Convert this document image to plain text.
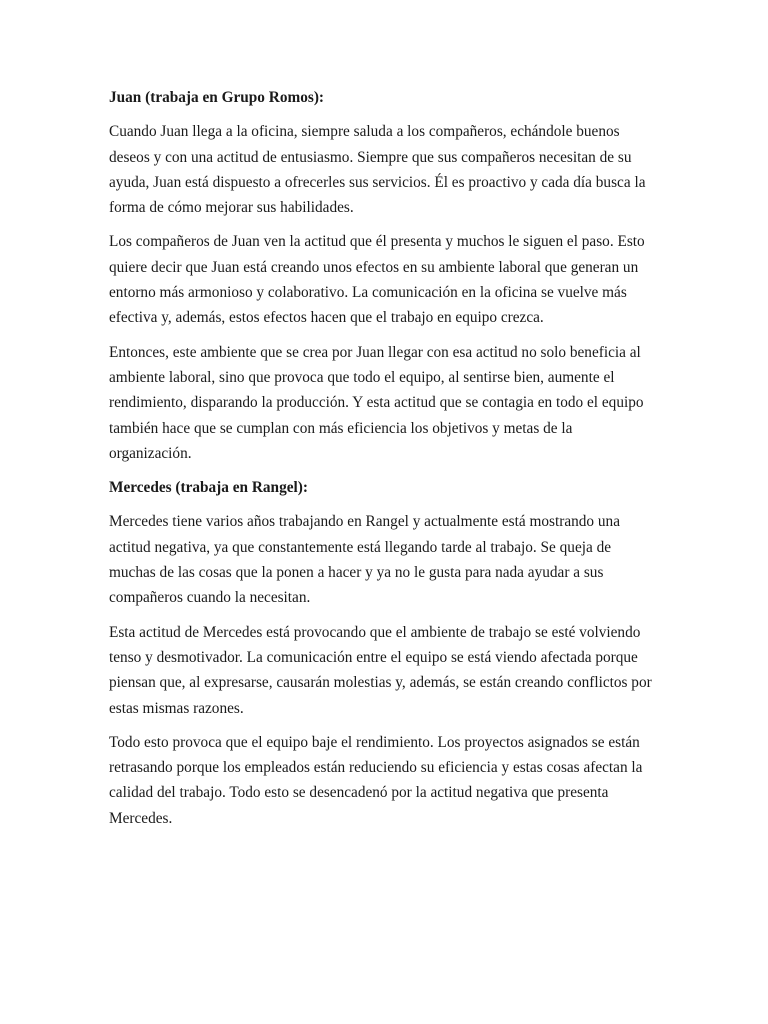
Juan (trabaja en Grupo Romos):

Cuando Juan llega a la oficina, siempre saluda a los compañeros, echándole buenos deseos y con una actitud de entusiasmo. Siempre que sus compañeros necesitan de su ayuda, Juan está dispuesto a ofrecerles sus servicios. Él es proactivo y cada día busca la forma de cómo mejorar sus habilidades.

Los compañeros de Juan ven la actitud que él presenta y muchos le siguen el paso. Esto quiere decir que Juan está creando unos efectos en su ambiente laboral que generan un entorno más armonioso y colaborativo. La comunicación en la oficina se vuelve más efectiva y, además, estos efectos hacen que el trabajo en equipo crezca.

Entonces, este ambiente que se crea por Juan llegar con esa actitud no solo beneficia al ambiente laboral, sino que provoca que todo el equipo, al sentirse bien, aumente el rendimiento, disparando la producción. Y esta actitud que se contagia en todo el equipo también hace que se cumplan con más eficiencia los objetivos y metas de la organización.

Mercedes (trabaja en Rangel):

Mercedes tiene varios años trabajando en Rangel y actualmente está mostrando una actitud negativa, ya que constantemente está llegando tarde al trabajo. Se queja de muchas de las cosas que la ponen a hacer y ya no le gusta para nada ayudar a sus compañeros cuando la necesitan.

Esta actitud de Mercedes está provocando que el ambiente de trabajo se esté volviendo tenso y desmotivador. La comunicación entre el equipo se está viendo afectada porque piensan que, al expresarse, causarán molestias y, además, se están creando conflictos por estas mismas razones.

Todo esto provoca que el equipo baje el rendimiento. Los proyectos asignados se están retrasando porque los empleados están reduciendo su eficiencia y estas cosas afectan la calidad del trabajo. Todo esto se desencadenó por la actitud negativa que presenta Mercedes.
